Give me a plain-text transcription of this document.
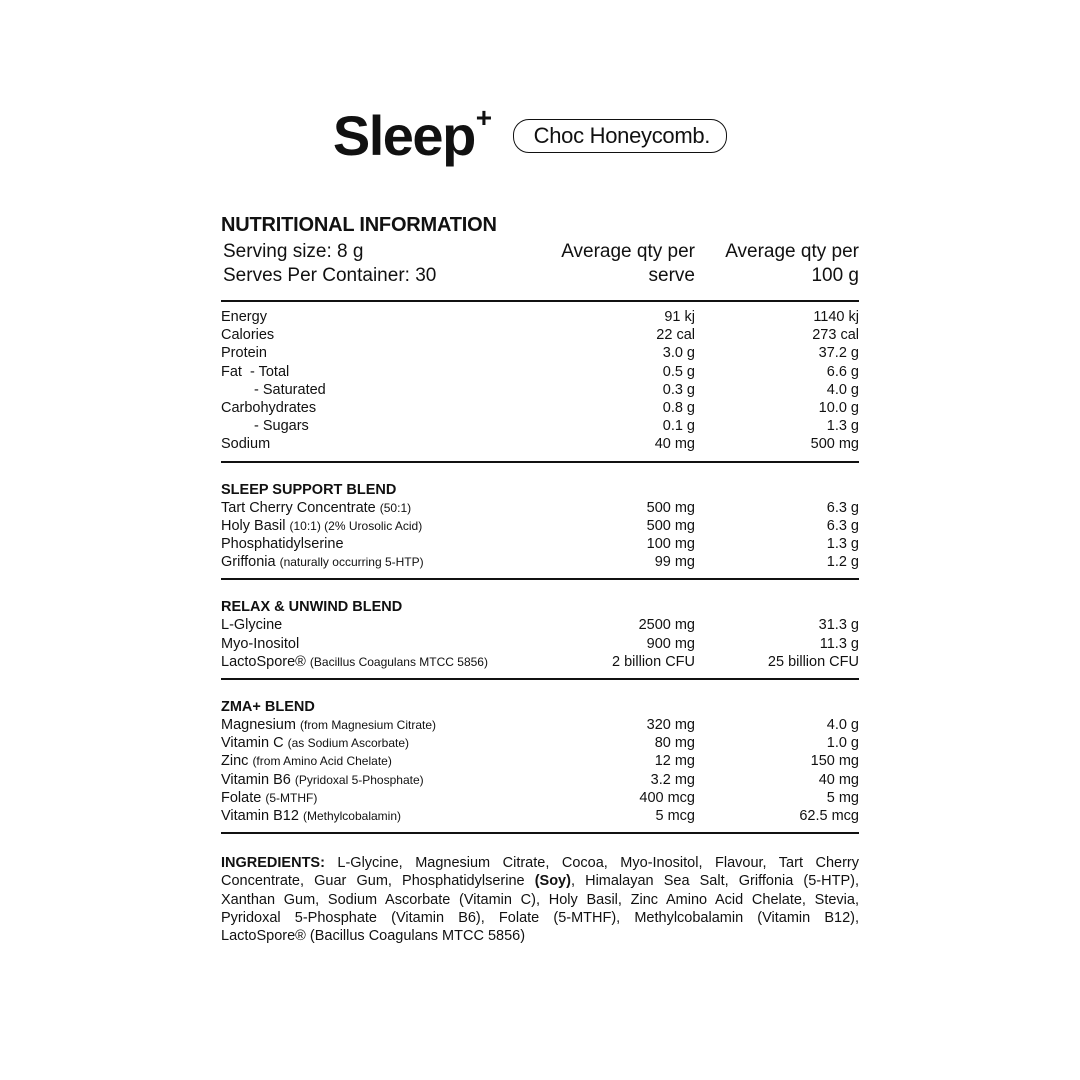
Sleep+
Choc Honeycomb.
NUTRITIONAL INFORMATION
Serving size: 8 g
Serves Per Container: 30
Average qty per serve
Average qty per 100 g
Energy	91 kj	1140 kj
Calories	22 cal	273 cal
Protein	3.0 g	37.2 g
Fat  - Total	0.5 g	6.6 g
- Saturated	0.3 g	4.0 g
Carbohydrates	0.8 g	10.0 g
- Sugars	0.1 g	1.3 g
Sodium	40 mg	500 mg
SLEEP SUPPORT BLEND
Tart Cherry Concentrate (50:1)	500 mg	6.3 g
Holy Basil (10:1) (2% Urosolic Acid)	500 mg	6.3 g
Phosphatidylserine	100 mg	1.3 g
Griffonia (naturally occurring 5-HTP)	99 mg	1.2 g
RELAX & UNWIND BLEND
L-Glycine	2500 mg	31.3 g
Myo-Inositol	900 mg	11.3 g
LactoSpore® (Bacillus Coagulans MTCC 5856)	2 billion CFU	25 billion CFU
ZMA+ BLEND
Magnesium (from Magnesium Citrate)	320 mg	4.0 g
Vitamin C (as Sodium Ascorbate)	80 mg	1.0 g
Zinc (from Amino Acid Chelate)	12 mg	150 mg
Vitamin B6 (Pyridoxal 5-Phosphate)	3.2 mg	40 mg
Folate (5-MTHF)	400 mcg	5 mg
Vitamin B12 (Methylcobalamin)	5 mcg	62.5 mcg
INGREDIENTS: L-Glycine, Magnesium Citrate, Cocoa, Myo-Inositol, Flavour, Tart Cherry Concentrate, Guar Gum, Phosphatidylserine (Soy), Himalayan Sea Salt, Griffonia (5-HTP), Xanthan Gum, Sodium Ascorbate (Vitamin C), Holy Basil, Zinc Amino Acid Chelate, Stevia, Pyridoxal 5-Phosphate (Vitamin B6), Folate (5-MTHF), Methylcobalamin (Vitamin B12), LactoSpore® (Bacillus Coagulans MTCC 5856)
